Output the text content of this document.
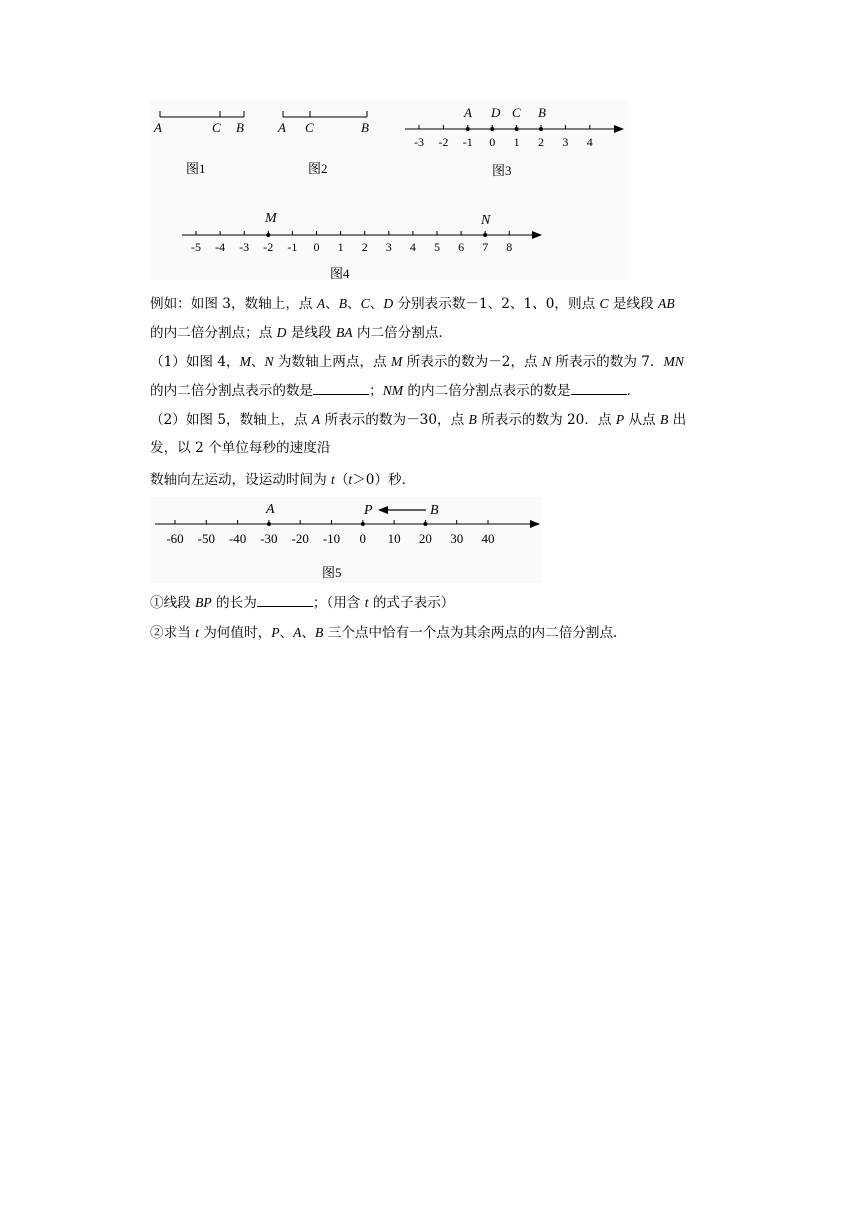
A	C B
图1
A C	B
图2
A D C B
图3
-3 -2 -1 0 1 2 3 4
M	N
图4
-5 -4 -3 -2 -1 0 1 2 3 4 5 6 7 8
例如：如图 3，数轴上，点 A、B、C、D 分别表示数－1、2、1、0，则点 C 是线段 AB
的内二倍分割点；点 D 是线段 BA 内二倍分割点．
（1）如图 4，M、N 为数轴上两点，点 M 所表示的数为－2，点 N 所表示的数为 7．MN
的内二倍分割点表示的数是	；NM 的内二倍分割点表示的数是	．
（2）如图 5，数轴上，点 A 所表示的数为－30，点 B 所表示的数为 20．点 P 从点 B 出
发，以 2 个单位每秒的速度沿
数轴向左运动，设运动时间为 t（t＞0）秒．
A	P	B
图5
-60 -50 -40 -30 -20 -10 0 10 20 30 40
①线段 BP 的长为	；（用含 t 的式子表示）
②求当 t 为何值时，P、A、B 三个点中恰有一个点为其余两点的内二倍分割点．
